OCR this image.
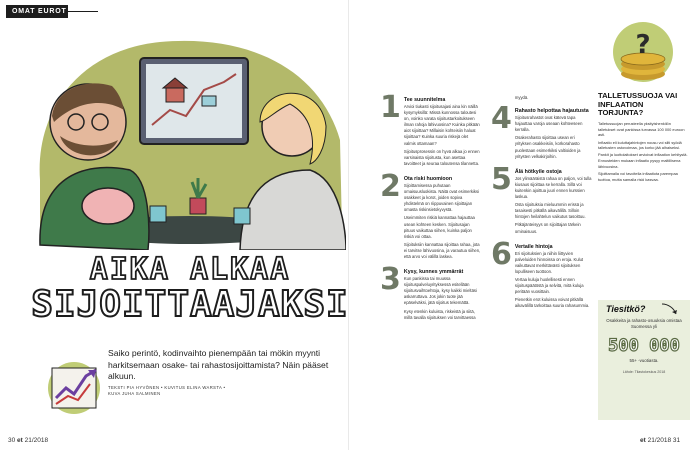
OMAT EUROT
AIKA ALKAA
SIJOITTAAJAKSI

Saiko perintö, kodinvaihto pienempään tai mökin myynti harkitsemaan osake- tai rahastosijoittamista? Näin pääset alkuun.

TEKSTI PIA HYVÖNEN • KUVITUS ELINA WARSTA •
KUVA JUHA SALMINEN
30 et 21/2018
1 Tee suunnitelma

Arvioi tiukasti sijoitusajasi aina kin näillä kysymyksillä: Missä kunnossa taloutesi on, voinko varata sijoitustarkoitukseen ilman rahoja lähivuosina? Kuinka pitkään aiot sijoittaa? Millaisin kohteisiin haluat sijoittaa? Kuinka suuria riskejä olet valmis ottamaan?

Sijoitusprosessin on hyvä alkaa jo ennen varsinaista sijoitusta, kun asettaa tavoitteet ja seuraa taloutensa tilannetta.

2 Ota riski huomioon

Sijoittamisessa puhutaan omaisuusluokista. Näitä ovat esimerkiksi osakkeet ja korot, joiden sopiva yhdistelmä on riippuvainen sijoittajan omasta riskinsietokyvystä.

Useimmiten riskiä kannattaa hajauttaa usean kohteen kesken. Sijoitusajan pituus vaikuttaa siihen, kuinka paljon riskiä voi ottaa.

Sijoituksiin kannattaa sijoittaa rahaa, jota ei tarvitse lähivuosina, ja varautua siihen, että arvo voi välillä laskea.

3 Kysy, kunnes ymmärrät

Kun pankissa tai muussa sijoituspalveluyrityksessä esitellään sijoitusvaihtoehtoja, kysy kaikki mieltäsi askarruttava. Jos jokin tuote jää epäselväksi, jätä sijoitus tekemättä.

Kysy etenkin kuluista, riskeistä ja siitä, millä tavalla sijoituksen voi tarvittaessa myydä.

4 Rahasto helpottaa hajautusta

Sijoitusrahastot ovat kätevä tapa hajauttaa varoja useaan kohteeseen kerralla.

Osakerahasto sijoittaa usean eri yrityksen osakkeisiin, korkorahasto puolestaan esimerkiksi valtioiden ja yritysten velkakirjoihin.

5 Älä hötkyile ostoja

Jos ylimääräistä rahaa on paljon, voi tulla kiusaus sijoittaa se kerralla. Sillä voi kuitenkin ajoittua juuri ennen kurssien laskua.

Osta sijoituksia mieluummin erissä ja tasaisesti pitkällä aikavälillä. Silloin hintojen heilahtelun vaikutus tasoittuu.

Pitkäjänteisyys on sijoittajan tärkein ominaisuus.

6 Vertaile hintoja

Eri sijoituksien ja niihin liittyvien palveluiden hinnoissa on eroja. Kulut vaikuttavat merkittävästi sijoituksen lopulliseen tuottoon.

Vertaa kuluja huolellisesti ennen sijoituspäätöstä ja selvitä, mitä kuluja peritään vuosittain.

Pienetkin erot kuluissa voivat pitkällä aikavälillä tarkoittaa suuria rahasummia.

?
TALLETUSSUOJA VAI INFLAATION TORJUNTA?

Talletussuojan perusteella yksityishenkilön talletukset ovat pankissa turvassa 100 000 euroon asti.

Inflaatio eli kuluttajahintojen nousu voi silti syödä talletusten ostovoimaa, jos korko jää alhaiseksi.

Pankit ja luottolaitokset arvioivat inflaation kehitystä. Ennusteiden mukaan inflaatio pysyy maltillisena lähivuosina.

Sijoittamalla voi tavoitella inflaatiota parempaa tuottoa, mutta samalla riski kasvaa.

Tiesitkö?
Osakkeita ja rahasto-osuuksia omistaa Suomessa yli
500 000
55+ -vuotiasta.
Lähde: Tilastokeskus 2018
et 21/2018 31
